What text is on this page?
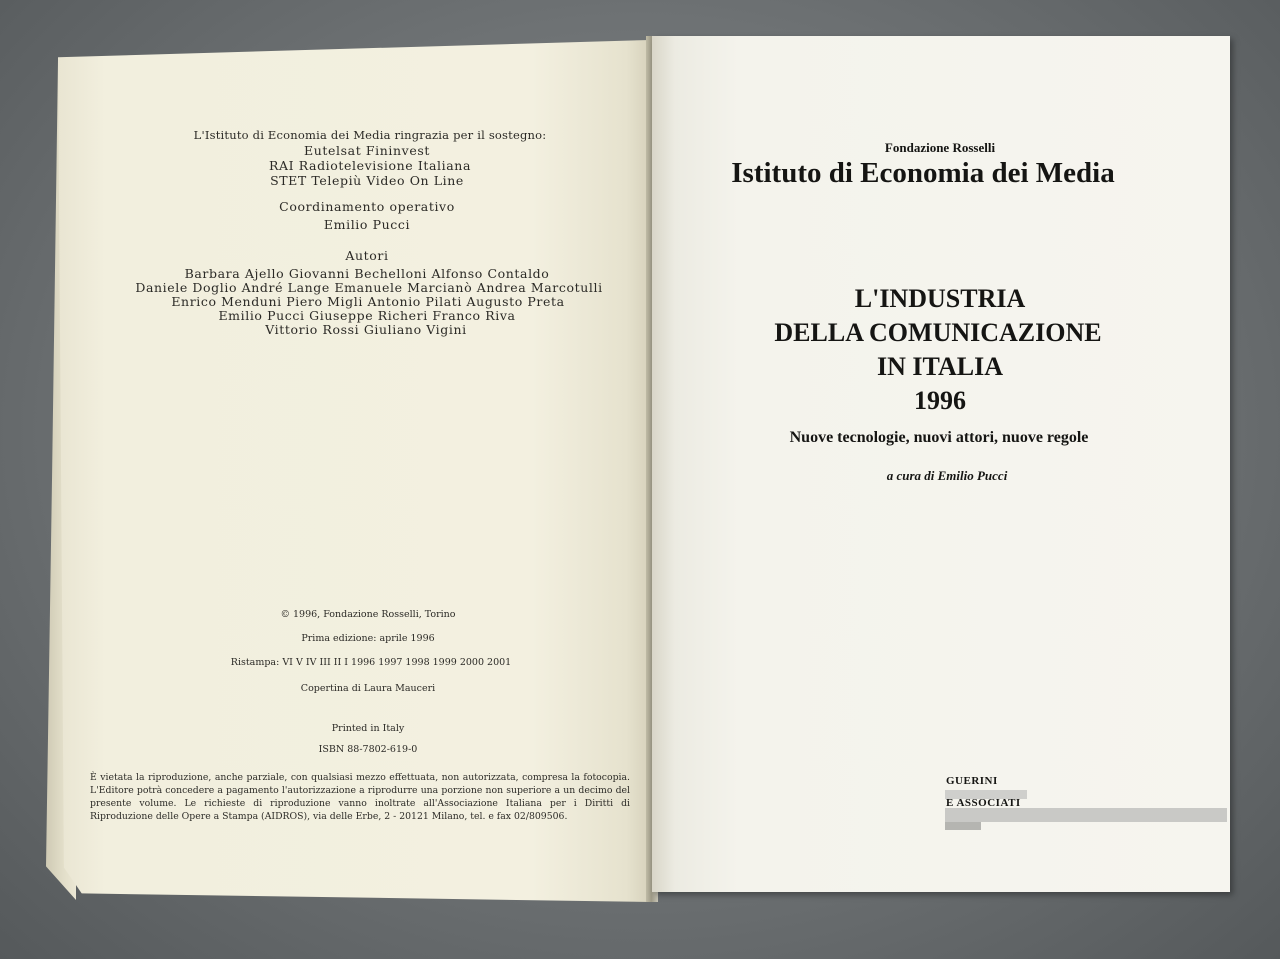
L'Istituto di Economia dei Media ringrazia per il sostegno:
Eutelsat Fininvest
RAI Radiotelevisione Italiana
STET Telepiù Video On Line
Coordinamento operativo
Emilio Pucci
Autori
Barbara Ajello Giovanni Bechelloni Alfonso Contaldo
Daniele Doglio André Lange Emanuele Marcianò Andrea Marcotulli
Enrico Menduni Piero Migli Antonio Pilati Augusto Preta
Emilio Pucci Giuseppe Richeri Franco Riva
Vittorio Rossi Giuliano Vigini
© 1996, Fondazione Rosselli, Torino
Prima edizione: aprile 1996
Ristampa: VI V IV III II I 1996 1997 1998 1999 2000 2001
Copertina di Laura Mauceri
Printed in Italy
ISBN 88-7802-619-0
È vietata la riproduzione, anche parziale, con qualsiasi mezzo effettuata, non autorizzata, compresa la fotocopia. L'Editore potrà concedere a pagamento l'autorizzazione a riprodurre una porzione non superiore a un decimo del presente volume. Le richieste di riproduzione vanno inoltrate all'Associazione Italiana per i Diritti di Riproduzione delle Opere a Stampa (AIDROS), via delle Erbe, 2 - 20121 Milano, tel. e fax 02/809506.
Fondazione Rosselli
Istituto di Economia dei Media
L'INDUSTRIA
DELLA COMUNICAZIONE
IN ITALIA
1996
Nuove tecnologie, nuovi attori, nuove regole
a cura di Emilio Pucci
GUERINI
E ASSOCIATI
